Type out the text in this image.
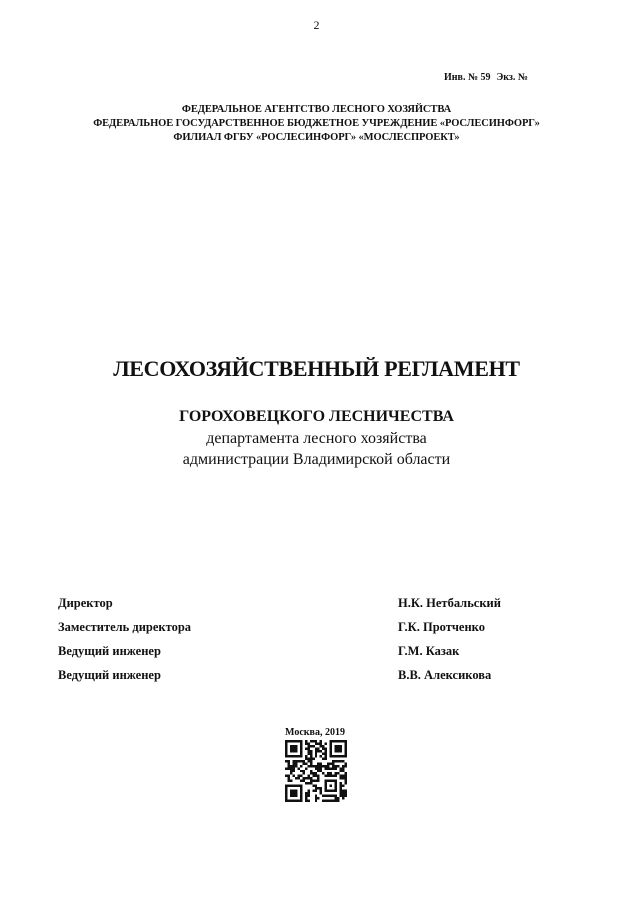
2
Инв. № 59 Экз. №
ФЕДЕРАЛЬНОЕ АГЕНТСТВО ЛЕСНОГО ХОЗЯЙСТВА
ФЕДЕРАЛЬНОЕ ГОСУДАРСТВЕННОЕ БЮДЖЕТНОЕ УЧРЕЖДЕНИЕ «РОСЛЕСИНФОРГ»
ФИЛИАЛ ФГБУ «РОСЛЕСИНФОРГ» «МОСЛЕСПРОЕКТ»
ЛЕСОХОЗЯЙСТВЕННЫЙ РЕГЛАМЕНТ
ГОРОХОВЕЦКОГО ЛЕСНИЧЕСТВА
департамента лесного хозяйства
администрации Владимирской области
Директор	Н.К. Нетбальский
Заместитель директора	Г.К. Протченко
Ведущий инженер	Г.М. Казак
Ведущий инженер	В.В. Алексикова
Москва, 2019
